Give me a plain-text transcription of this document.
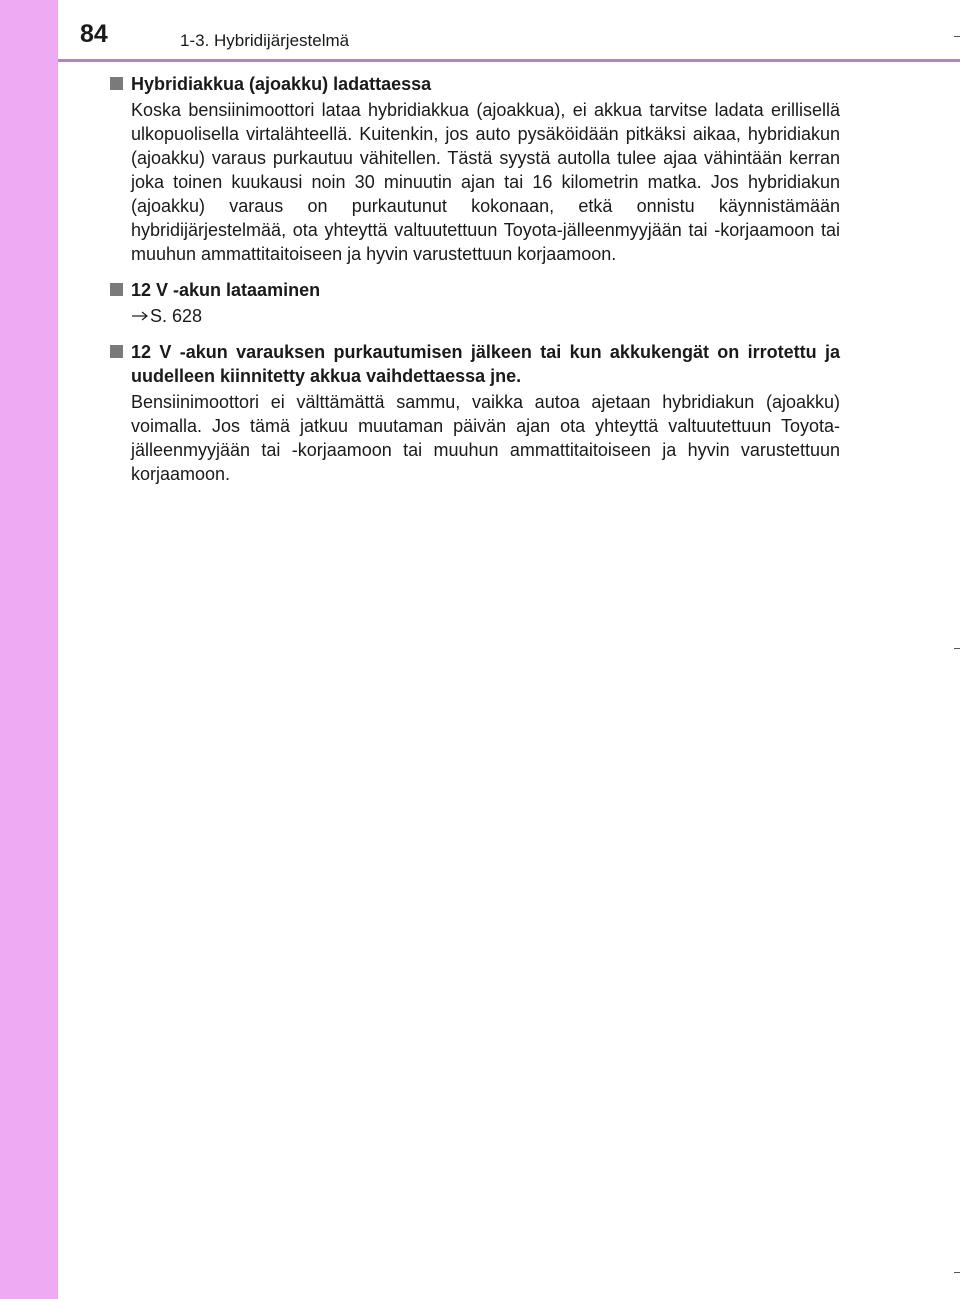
84	1-3. Hybridijärjestelmä
Hybridiakkua (ajoakku) ladattaessa
Koska bensiinimoottori lataa hybridiakkua (ajoakkua), ei akkua tarvitse ladata erillisellä ulkopuolisella virtalähteellä. Kuitenkin, jos auto pysäköidään pitkäksi aikaa, hybridiakun (ajoakku) varaus purkautuu vähitellen. Tästä syystä autolla tulee ajaa vähintään kerran joka toinen kuukausi noin 30 minuutin ajan tai 16 kilometrin matka. Jos hybridiakun (ajoakku) varaus on purkautunut kokonaan, etkä onnistu käynnistämään hybridijärjestelmää, ota yhteyttä valtuutettuun Toyota-jälleenmyyjään tai -korjaamoon tai muuhun ammattitaitoiseen ja hyvin varustettuun korjaamoon.
12 V -akun lataaminen
S. 628
12 V -akun varauksen purkautumisen jälkeen tai kun akkukengät on irrotettu ja uudelleen kiinnitetty akkua vaihdettaessa jne.
Bensiinimoottori ei välttämättä sammu, vaikka autoa ajetaan hybridiakun (ajoakku) voimalla. Jos tämä jatkuu muutaman päivän ajan ota yhteyttä valtuutettuun Toyota-jälleenmyyjään tai -korjaamoon tai muuhun ammattitaitoiseen ja hyvin varustettuun korjaamoon.
